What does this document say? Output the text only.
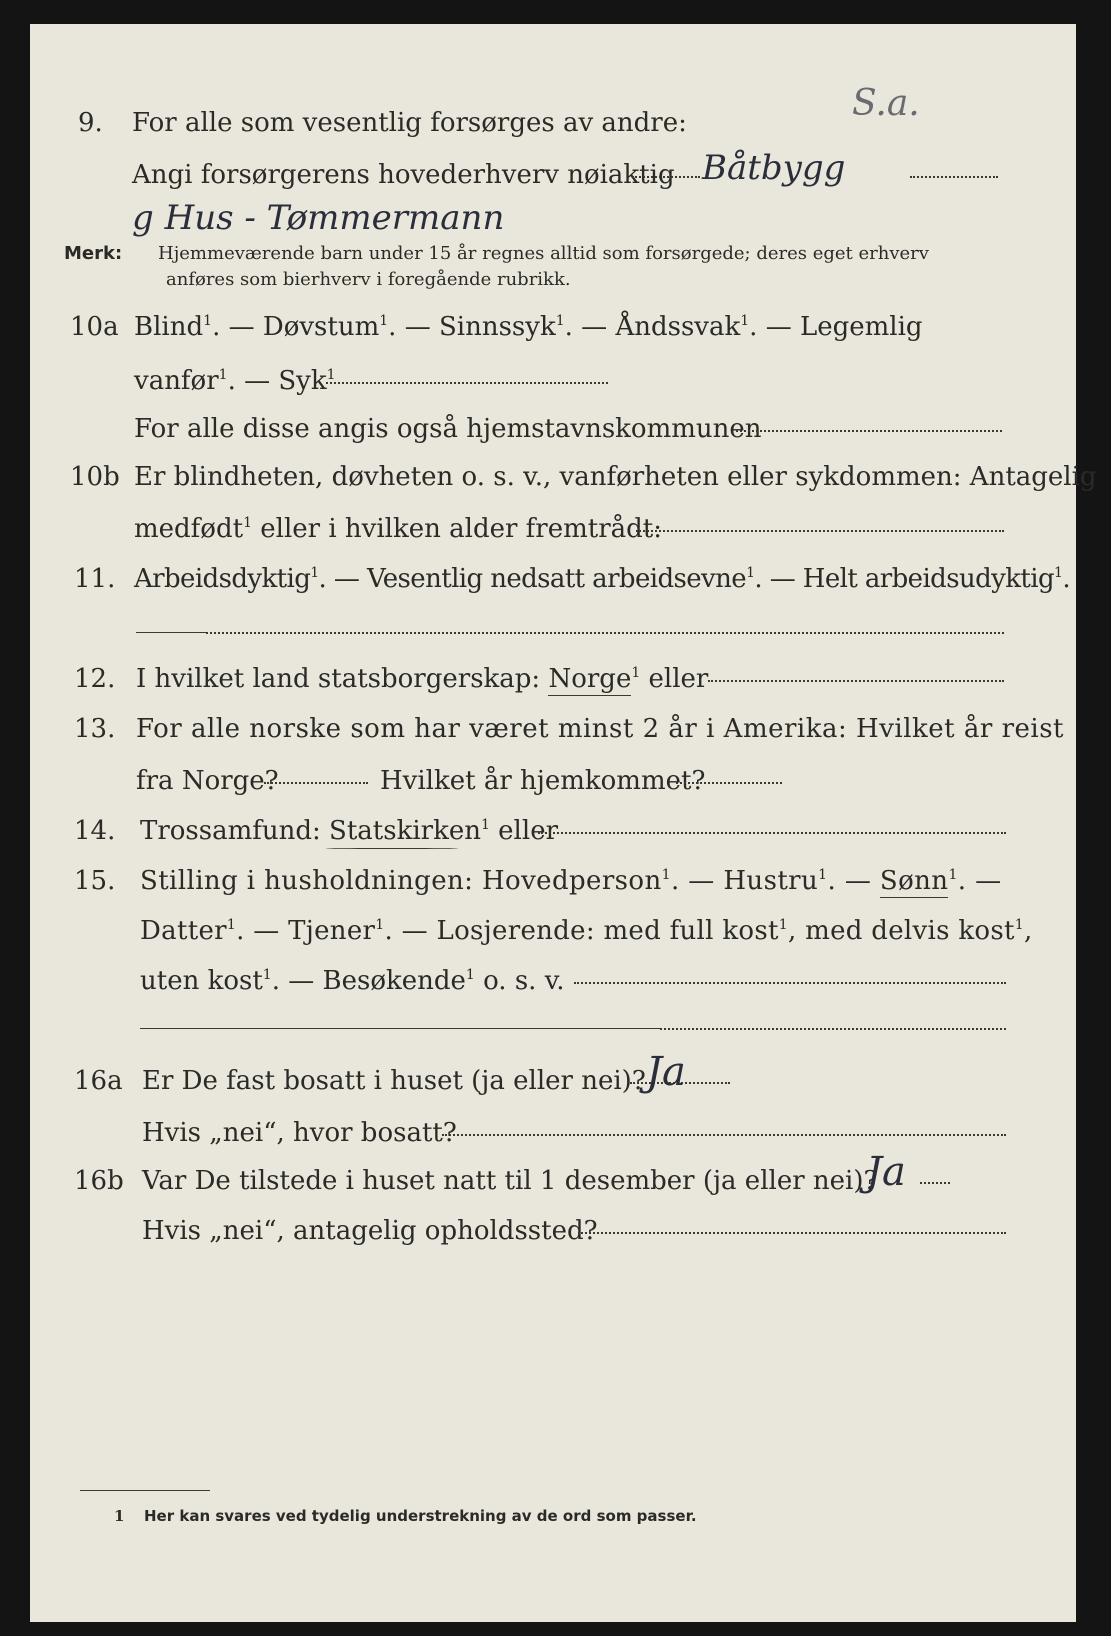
9. For alle som vesentlig forsørges av andre:	S.a.
Angi forsørgerens hovederhverv nøiaktig Båtbygg
g Hus - Tømmermann
Merk: Hjemmeværende barn under 15 år regnes alltid som forsørgede; deres eget erhverv
anføres som bierhverv i foregående rubrikk.
10a Blind$^1$. — Døvstum$^1$. — Sinnssyk$^1$. — Åndssvak$^1$. — Legemlig
vanfør$^1$. — Syk$^1$
For alle disse angis også hjemstavnskommunen
10b Er blindheten, døvheten o. s. v., vanførheten eller sykdommen: Antagelig
medfødt$^1$ eller i hvilken alder fremtrådt:
11. Arbeidsdyktig$^1$. — Vesentlig nedsatt arbeidsevne$^1$. — Helt arbeidsudyktig$^1$.
12. I hvilket land statsborgerskap: Norge$^1$ eller
13. For alle norske som har været minst 2 år i Amerika: Hvilket år reist
fra Norge?	Hvilket år hjemkommet?
14. Trossamfund: Statskirken$^1$ eller
15. Stilling i husholdningen: Hovedperson$^1$. — Hustru$^1$. — Sønn$^1$. —
Datter$^1$. — Tjener$^1$. — Losjerende: med full kost$^1$, med delvis kost$^1$,
uten kost$^1$. — Besøkende$^1$ o. s. v.
16a Er De fast bosatt i huset (ja eller nei)? Ja
Hvis „nei“, hvor bosatt?
16b Var De tilstede i huset natt til 1 desember (ja eller nei)?
Ja
Hvis „nei“, antagelig opholdssted?
1 Her kan svares ved tydelig understrekning av de ord som passer.
